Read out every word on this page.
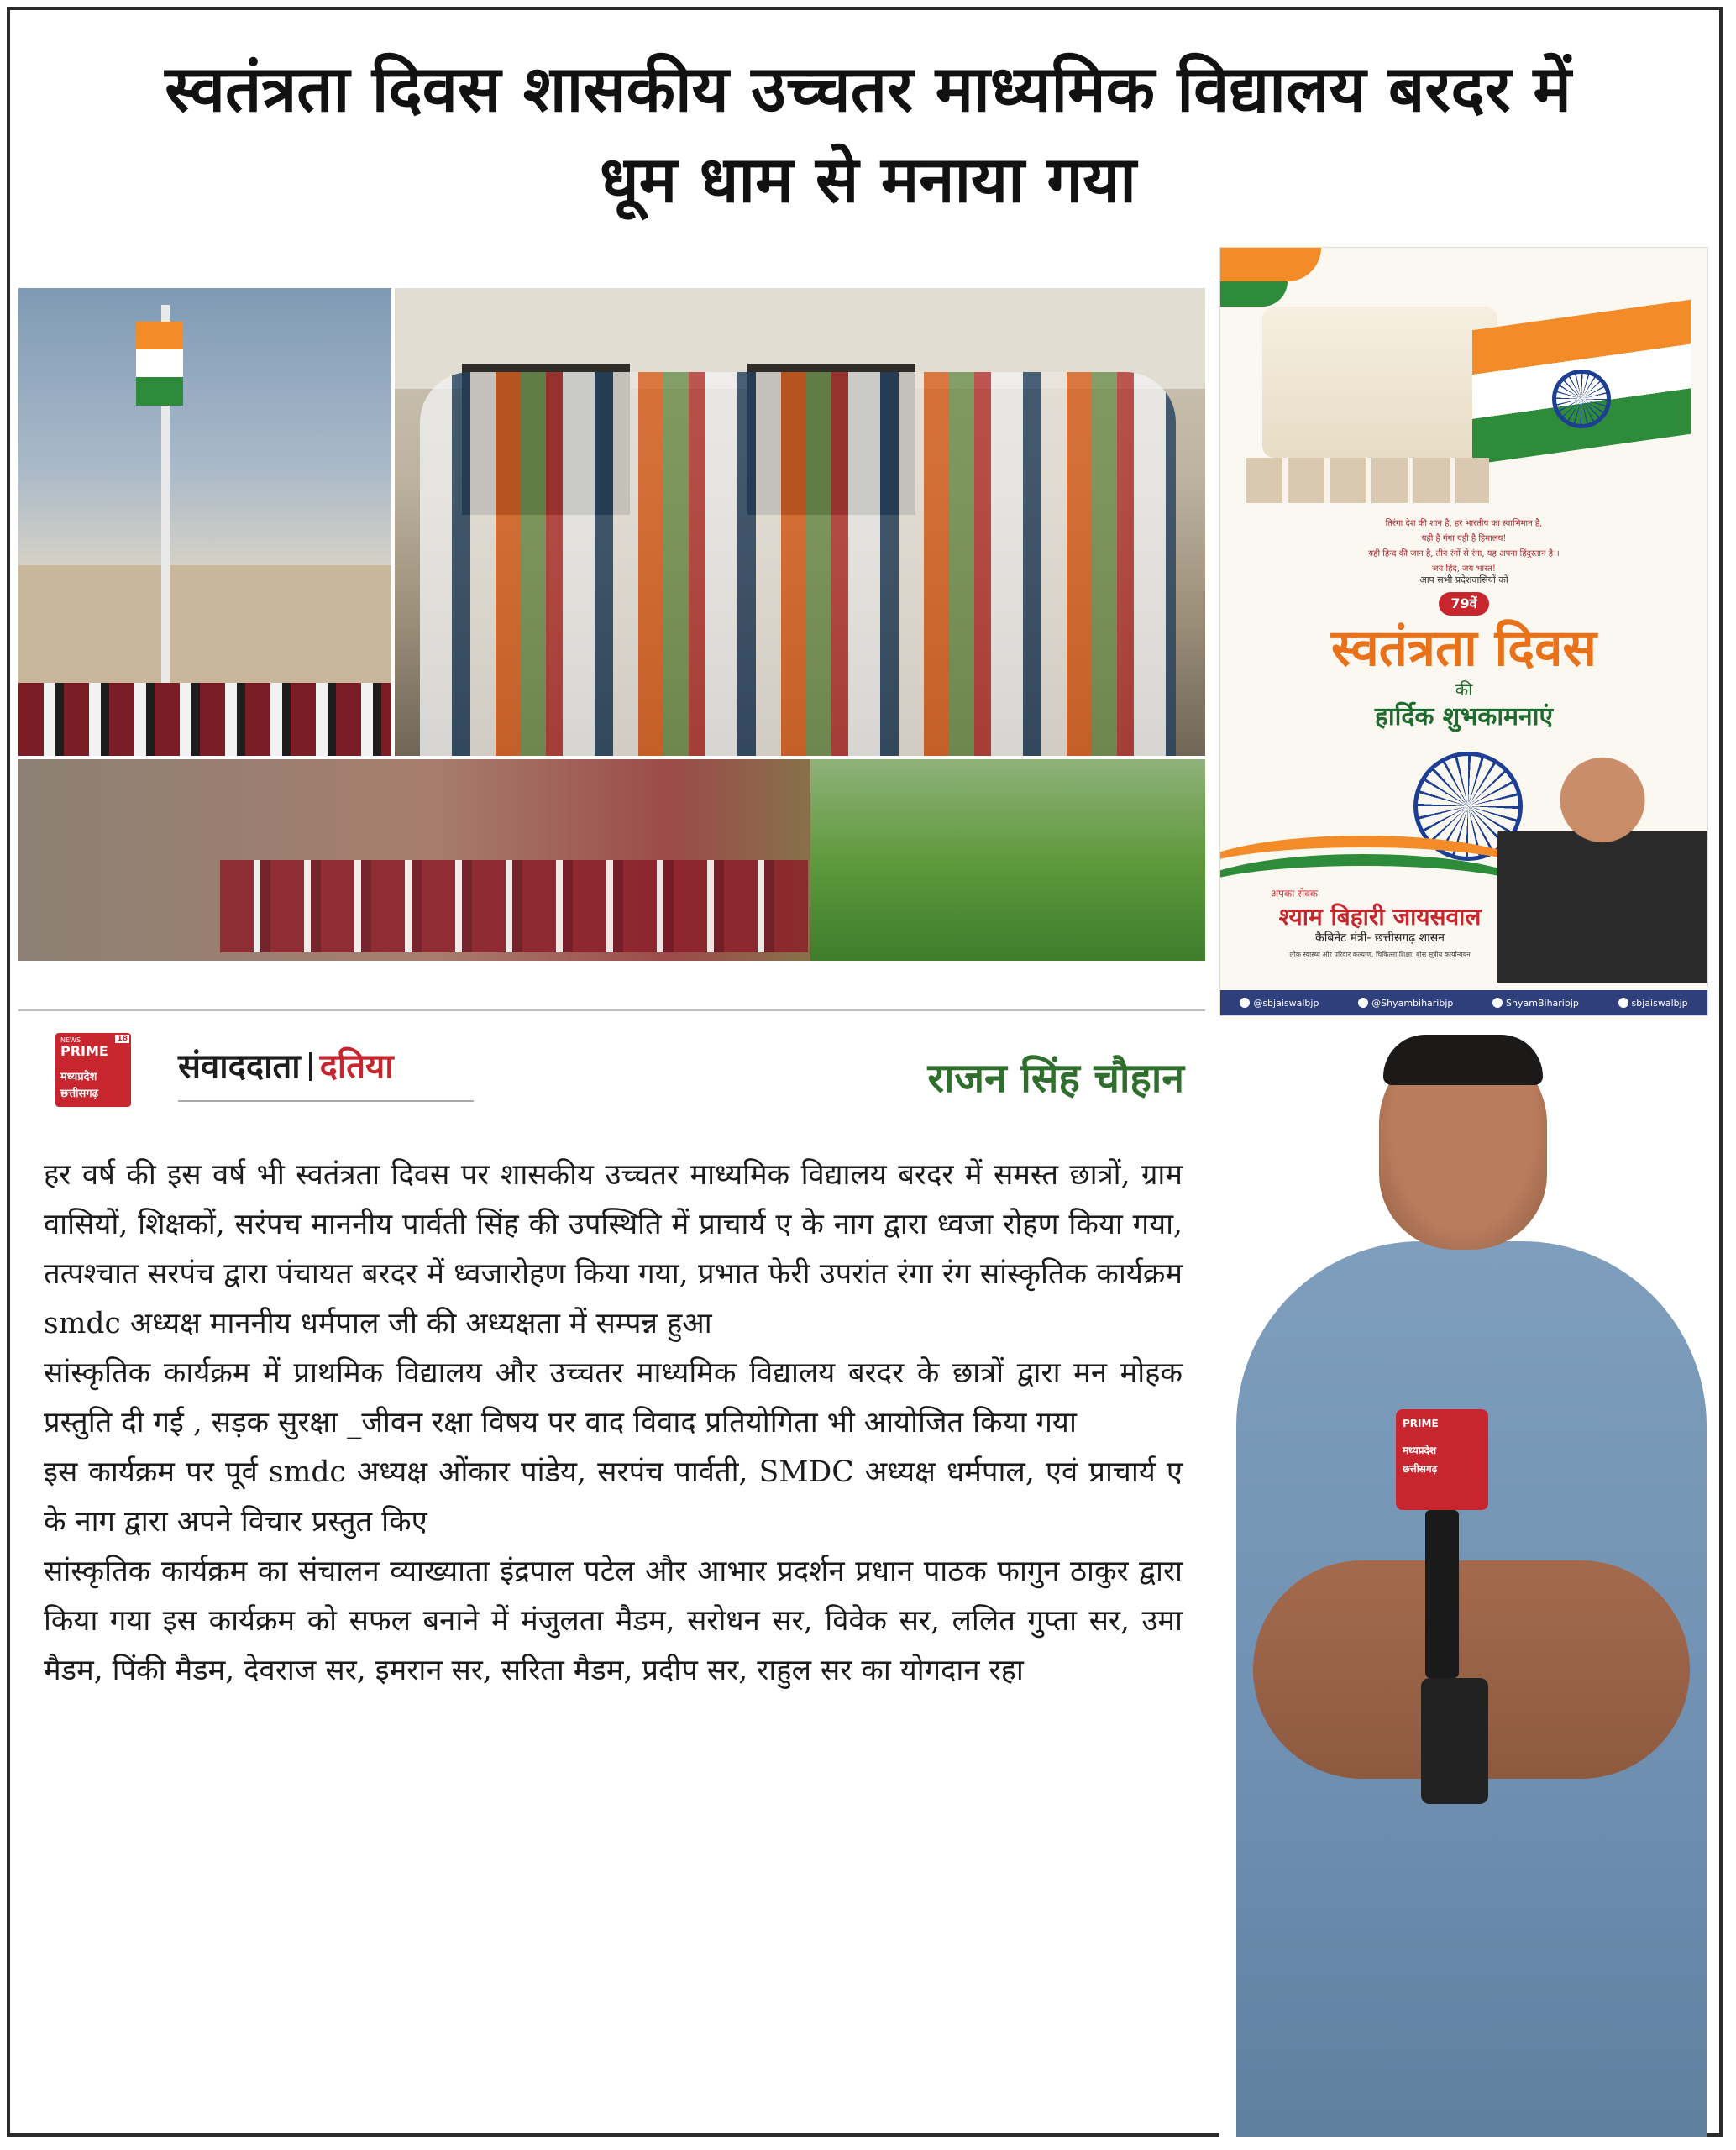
स्वतंत्रता दिवस शासकीय उच्चतर माध्यमिक विद्यालय बरदर में
धूम धाम से मनाया गया
तिरंगा देश की शान है, हर भारतीय का स्वाभिमान है,
यही है गंगा यही है हिमालय!
यही हिन्द की जान है, तीन रंगों से रंगा, यह अपना हिंदुस्तान है।।
जय हिंद, जय भारत!
आप सभी प्रदेशवासियों को
79वें
स्वतंत्रता दिवस
की
हार्दिक शुभकामनाएं
अपका सेवक
श्याम बिहारी जायसवाल
कैबिनेट मंत्री- छत्तीसगढ़ शासन
लोक स्वास्थ्य और परिवार कल्याण, चिकित्सा शिक्षा, बीस सूत्रीय कार्यान्वयन
@sbjaiswalbjp	@Shyambiharibjp	ShyamBiharibjp	sbjaiswalbjp
NEWS
PRIME
18
मध्यप्रदेश
छत्तीसगढ़
संवाददाता दतिया	राजन सिंह चौहान

हर वर्ष की इस वर्ष भी स्वतंत्रता दिवस पर शासकीय उच्चतर माध्यमिक विद्यालय बरदर में समस्त छात्रों, ग्राम वासियों, शिक्षकों, सरंपच माननीय पार्वती सिंह की उपस्थिति में प्राचार्य ए के नाग द्वारा ध्वजा रोहण किया गया, तत्पश्चात सरपंच द्वारा पंचायत बरदर में ध्वजारोहण किया गया, प्रभात फेरी उपरांत रंगा रंग सांस्कृतिक कार्यक्रम smdc अध्यक्ष माननीय धर्मपाल जी की अध्यक्षता में सम्पन्न हुआ

सांस्कृतिक कार्यक्रम में प्राथमिक विद्यालय और उच्चतर माध्यमिक विद्यालय बरदर के छात्रों द्वारा मन मोहक प्रस्तुति दी गई , सड़क सुरक्षा _जीवन रक्षा विषय पर वाद विवाद प्रतियोगिता भी आयोजित किया गया

इस कार्यक्रम पर पूर्व smdc अध्यक्ष ओंकार पांडेय, सरपंच पार्वती, SMDC अध्यक्ष धर्मपाल, एवं प्राचार्य ए के नाग द्वारा अपने विचार प्रस्तुत किए

सांस्कृतिक कार्यक्रम का संचालन व्याख्याता इंद्रपाल पटेल और आभार प्रदर्शन प्रधान पाठक फागुन ठाकुर द्वारा किया गया इस कार्यक्रम को सफल बनाने में मंजुलता मैडम, सरोधन सर, विवेक सर, ललित गुप्ता सर, उमा मैडम, पिंकी मैडम, देवराज सर, इमरान सर, सरिता मैडम, प्रदीप सर, राहुल सर का योगदान रहा

PRIME
मध्यप्रदेश
छत्तीसगढ़
